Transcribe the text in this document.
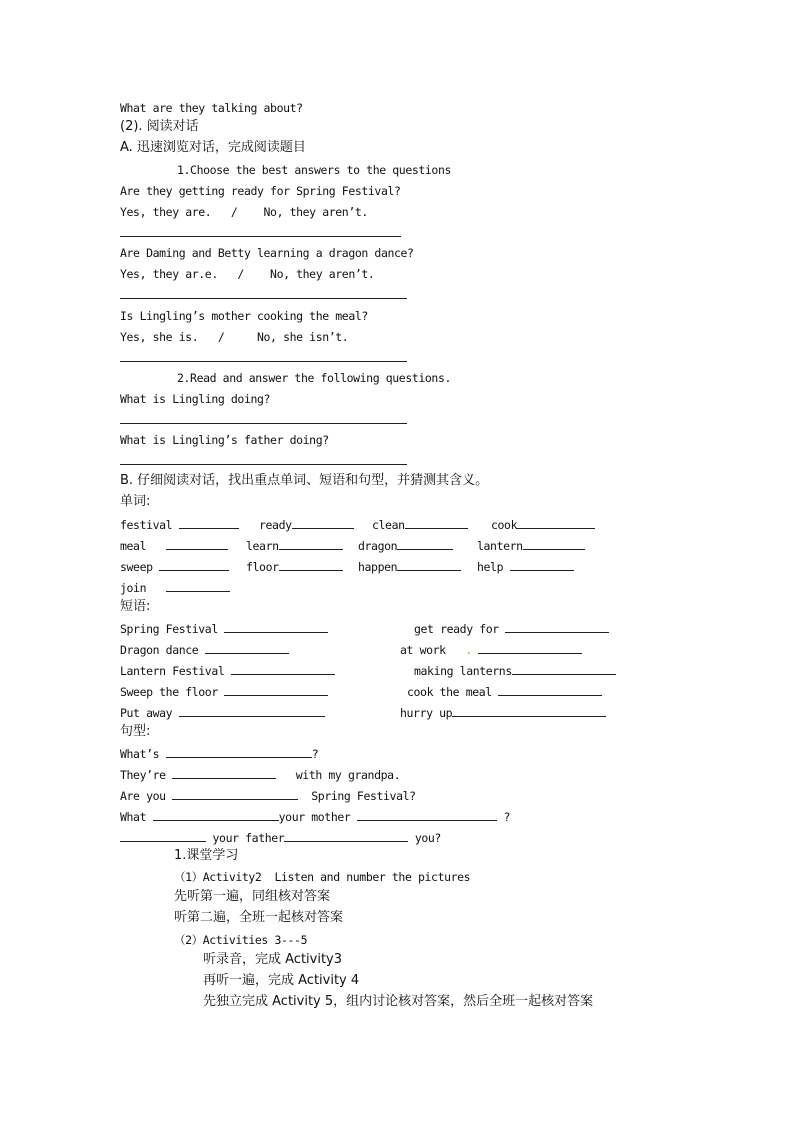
What are they talking about?
(2). 阅读对话
A. 迅速浏览对话，完成阅读题目
1.Choose the best answers to the questions
Are they getting ready for Spring Festival?
Yes, they are.   /    No, they aren’t.
Are Daming and Betty learning a dragon dance?
Yes, they ar.e.   /    No, they aren’t.
Is Lingling’s mother cooking the meal?
Yes, she is.   /     No, she isn’t.
2.Read and answer the following questions.
What is Lingling doing?
What is Lingling’s father doing?
B. 仔细阅读对话，找出重点单词、短语和句型，并猜测其含义。
单词:
festival	ready	clean	cook
meal	learn	dragon	lantern
sweep	floor	happen	help
join
短语:
Spring Festival	get ready for
Dragon dance	at work .
Lantern Festival	making lanterns
Sweep the floor	cook the meal
Put away	hurry up
句型:
What’s	?
They’re	with my grandpa.
Are you	Spring Festival?
What	your mother	?
your father	you?
1.课堂学习
（1）Activity2  Listen and number the pictures
先听第一遍，同组核对答案
听第二遍，全班一起核对答案
（2）Activities 3---5
听录音，完成 Activity3
再听一遍，完成 Activity 4
先独立完成 Activity 5，组内讨论核对答案，然后全班一起核对答案
